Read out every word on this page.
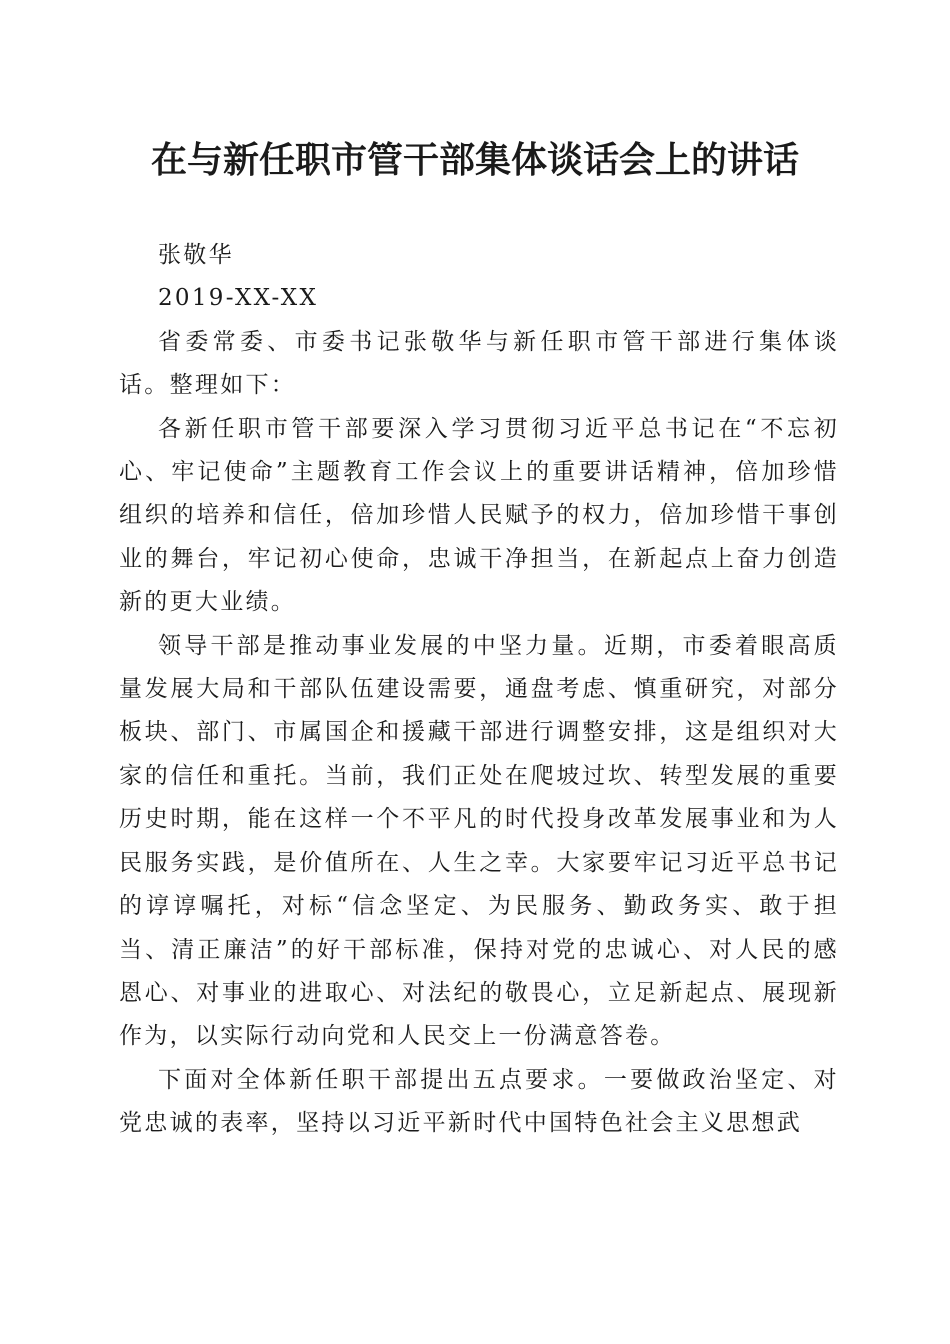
在与新任职市管干部集体谈话会上的讲话

张敬华

2019-XX-XX

省委常委、市委书记张敬华与新任职市管干部进行集体谈话。整理如下：

各新任职市管干部要深入学习贯彻习近平总书记在“不忘初心、牢记使命”主题教育工作会议上的重要讲话精神，倍加珍惜组织的培养和信任，倍加珍惜人民赋予的权力，倍加珍惜干事创业的舞台，牢记初心使命，忠诚干净担当，在新起点上奋力创造新的更大业绩。

领导干部是推动事业发展的中坚力量。近期，市委着眼高质量发展大局和干部队伍建设需要，通盘考虑、慎重研究，对部分板块、部门、市属国企和援藏干部进行调整安排，这是组织对大家的信任和重托。当前，我们正处在爬坡过坎、转型发展的重要历史时期，能在这样一个不平凡的时代投身改革发展事业和为人民服务实践，是价值所在、人生之幸。大家要牢记习近平总书记的谆谆嘱托，对标“信念坚定、为民服务、勤政务实、敢于担当、清正廉洁”的好干部标准，保持对党的忠诚心、对人民的感恩心、对事业的进取心、对法纪的敬畏心，立足新起点、展现新作为，以实际行动向党和人民交上一份满意答卷。

下面对全体新任职干部提出五点要求。一要做政治坚定、对党忠诚的表率，坚持以习近平新时代中国特色社会主义思想武
